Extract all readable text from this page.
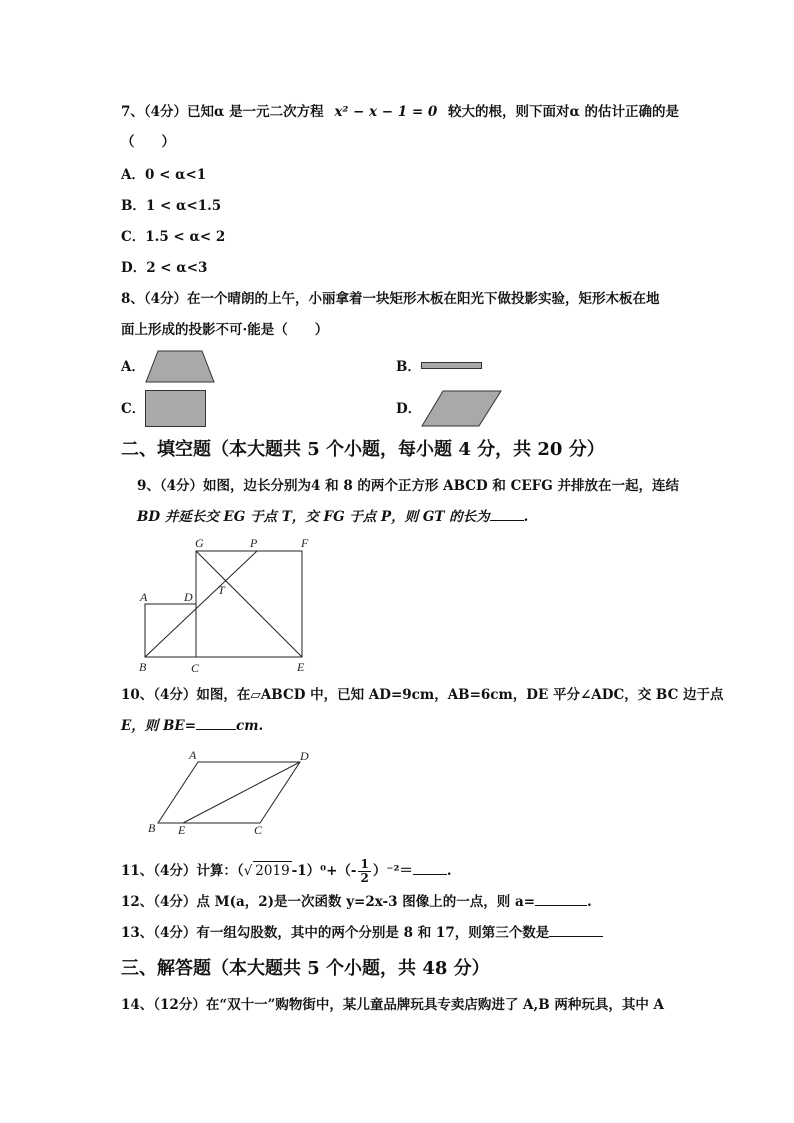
7、（4分）已知α 是一元二次方程 x² − x − 1 = 0 较大的根，则下面对α 的估计正确的是
（　　）
A．0 < α<1
B．1 < α<1.5
C．1.5 < α< 2
D．2 < α<3
8、（4分）在一个晴朗的上午，小丽拿着一块矩形木板在阳光下做投影实验，矩形木板在地
面上形成的投影不可·能是（　　）
A．	B．
C．	D．
二、填空题（本大题共 5 个小题，每小题 4 分，共 20 分）
9、（4分）如图，边长分别为4 和 8 的两个正方形 ABCD 和 CEFG 并排放在一起，连结
BD 并延长交 EG 于点 T，交 FG 于点 P，则 GT 的长为	.
G	P	F
A	D T
B	C	E
10、（4分）如图，在▱ABCD 中，已知 AD=9cm，AB=6cm，DE 平分∠ADC，交 BC 边于点
E，则 BE=	cm.
A	D
B E	C
11、（4分）计算：（√ 2019 $-1)^0+(- \frac{1}{2} )^{-2}=$	.
12、（4分）点 M(a，2)是一次函数 y=2x-3 图像上的一点，则 a=	.
13、（4分）有一组勾股数，其中的两个分别是 8 和 17，则第三个数是
三、解答题（本大题共 5 个小题，共 48 分）
14、（12分）在“双十一”购物街中，某儿童品牌玩具专卖店购进了 A,B 两种玩具，其中 A
